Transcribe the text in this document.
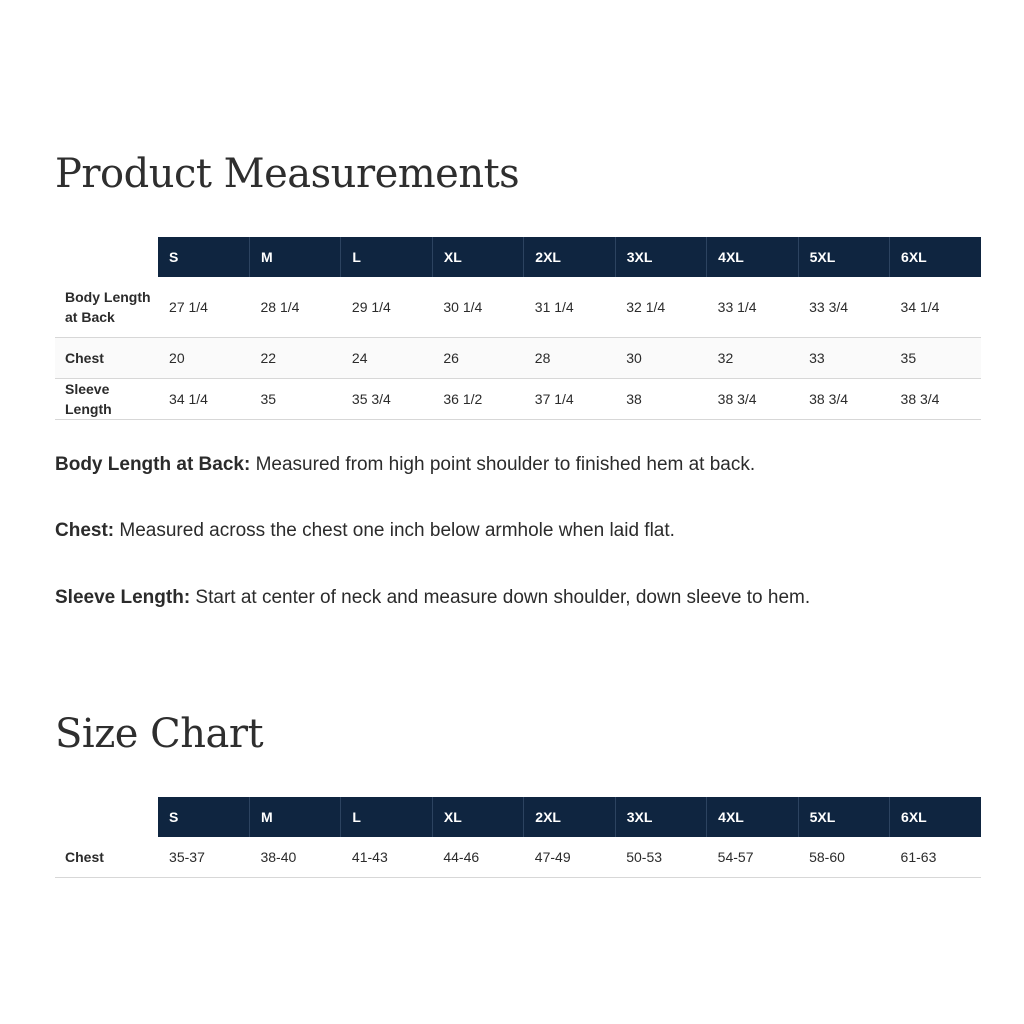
Product Measurements
	S	M	L	XL	2XL	3XL	4XL	5XL	6XL
Body Length at Back	27 1/4	28 1/4	29 1/4	30 1/4	31 1/4	32 1/4	33 1/4	33 3/4	34 1/4
Chest	20	22	24	26	28	30	32	33	35
Sleeve Length	34 1/4	35	35 3/4	36 1/2	37 1/4	38	38 3/4	38 3/4	38 3/4

Body Length at Back: Measured from high point shoulder to finished hem at back.

Chest: Measured across the chest one inch below armhole when laid flat.

Sleeve Length: Start at center of neck and measure down shoulder, down sleeve to hem.

Size Chart
	S	M	L	XL	2XL	3XL	4XL	5XL	6XL
Chest	35-37	38-40	41-43	44-46	47-49	50-53	54-57	58-60	61-63
